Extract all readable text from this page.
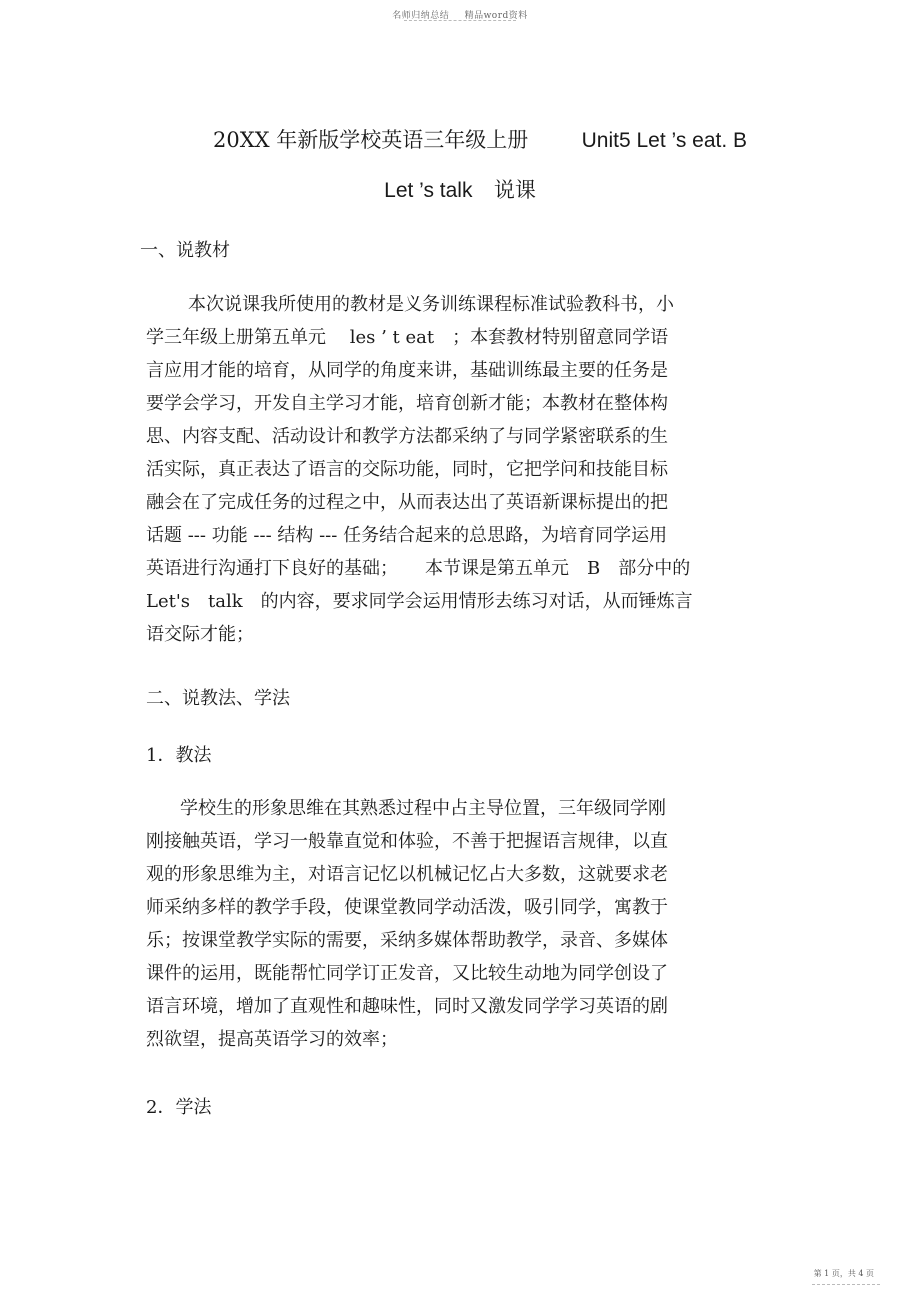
名师归纳总结 精品word资料
20XX 年新版学校英语三年级上册	Unit5 Let ’s eat. B
Let ’s talk 说课
一、说教材
本次说课我所使用的教材是义务训练课程标准试验教科书，小
学三年级上册第五单元　 les ’ t eat　；本套教材特别留意同学语
言应用才能的培育，从同学的角度来讲，基础训练最主要的任务是
要学会学习，开发自主学习才能，培育创新才能；本教材在整体构
思、内容支配、活动设计和教学方法都采纳了与同学紧密联系的生
活实际，真正表达了语言的交际功能，同时，它把学问和技能目标
融会在了完成任务的过程之中，从而表达出了英语新课标提出的把
话题 --- 功能 --- 结构 --- 任务结合起来的总思路，为培育同学运用
英语进行沟通打下良好的基础；　　本节课是第五单元　B　部分中的
Let's　talk　的内容，要求同学会运用情形去练习对话，从而锤炼言
语交际才能；
二、说教法、学法
1．教法
学校生的形象思维在其熟悉过程中占主导位置，三年级同学刚
刚接触英语，学习一般靠直觉和体验，不善于把握语言规律，以直
观的形象思维为主，对语言记忆以机械记忆占大多数，这就要求老
师采纳多样的教学手段，使课堂教同学动活泼，吸引同学，寓教于
乐；按课堂教学实际的需要，采纳多媒体帮助教学，录音、多媒体
课件的运用，既能帮忙同学订正发音，又比较生动地为同学创设了
语言环境，增加了直观性和趣味性，同时又激发同学学习英语的剧
烈欲望，提高英语学习的效率；
2．学法
第 1 页，共 4 页
